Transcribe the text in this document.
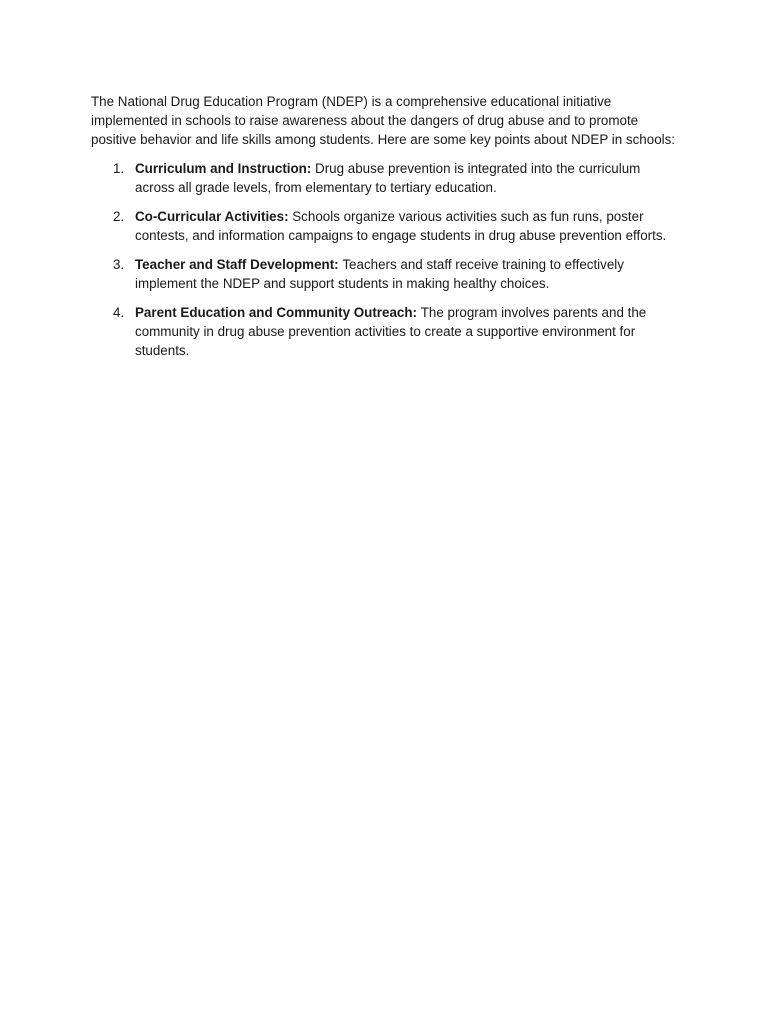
The National Drug Education Program (NDEP) is a comprehensive educational initiative implemented in schools to raise awareness about the dangers of drug abuse and to promote positive behavior and life skills among students. Here are some key points about NDEP in schools:

1. Curriculum and Instruction: Drug abuse prevention is integrated into the curriculum across all grade levels, from elementary to tertiary education.
2. Co-Curricular Activities: Schools organize various activities such as fun runs, poster contests, and information campaigns to engage students in drug abuse prevention efforts.
3. Teacher and Staff Development: Teachers and staff receive training to effectively implement the NDEP and support students in making healthy choices.
4. Parent Education and Community Outreach: The program involves parents and the community in drug abuse prevention activities to create a supportive environment for students.
